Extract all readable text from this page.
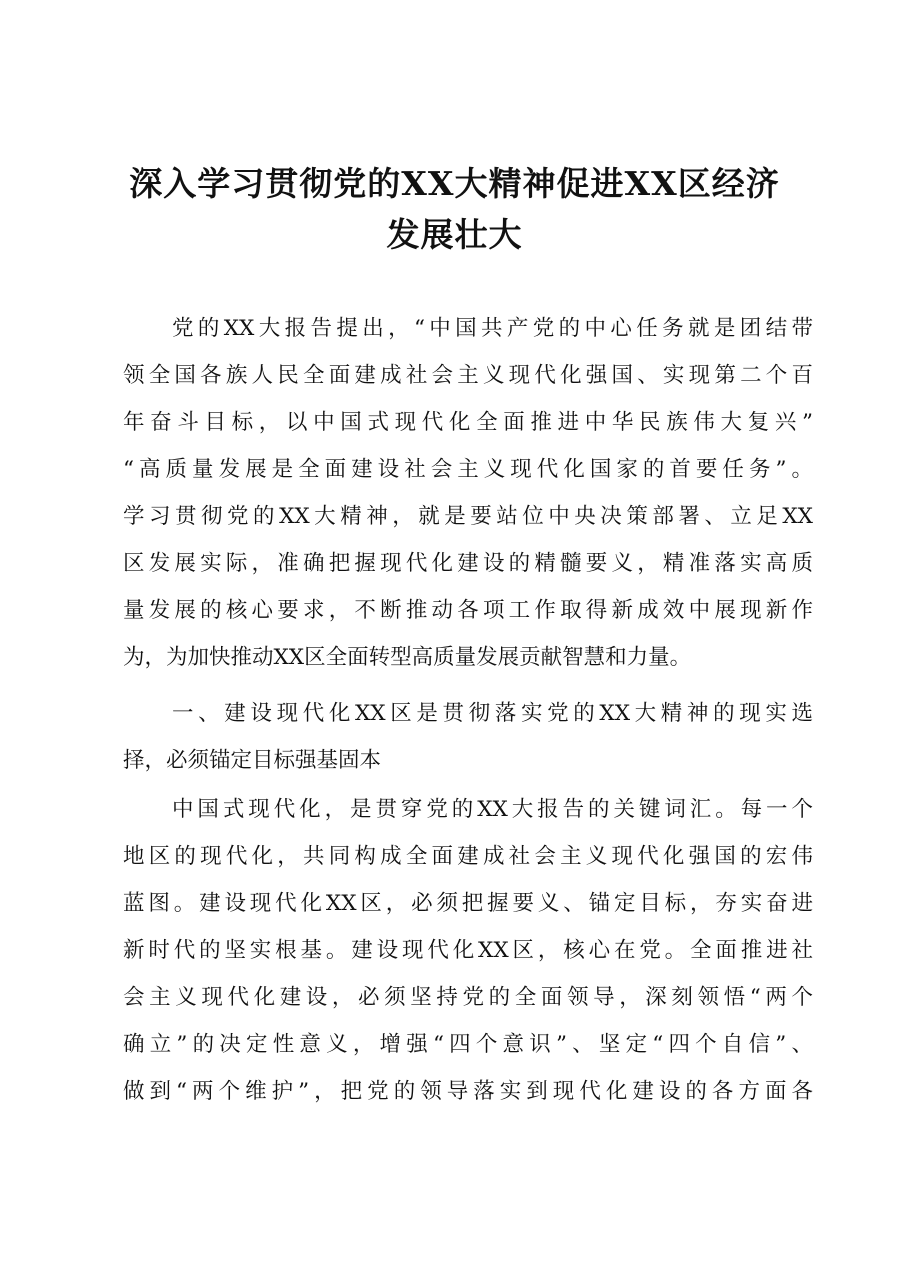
深入学习贯彻党的XX大精神促进XX区经济
发展壮大

党的XX大报告提出，“中国共产党的中心任务就是团结带

领全国各族人民全面建成社会主义现代化强国、实现第二个百

年奋斗目标，以中国式现代化全面推进中华民族伟大复兴”

“高质量发展是全面建设社会主义现代化国家的首要任务”。

学习贯彻党的XX大精神，就是要站位中央决策部署、立足XX

区发展实际，准确把握现代化建设的精髓要义，精准落实高质

量发展的核心要求，不断推动各项工作取得新成效中展现新作

为，为加快推动XX区全面转型高质量发展贡献智慧和力量。

一、建设现代化XX区是贯彻落实党的XX大精神的现实选

择，必须锚定目标强基固本

中国式现代化，是贯穿党的XX大报告的关键词汇。每一个

地区的现代化，共同构成全面建成社会主义现代化强国的宏伟

蓝图。建设现代化XX区，必须把握要义、锚定目标，夯实奋进

新时代的坚实根基。建设现代化XX区，核心在党。全面推进社

会主义现代化建设，必须坚持党的全面领导，深刻领悟“两个

确立”的决定性意义，增强“四个意识”、坚定“四个自信”、

做到“两个维护”，把党的领导落实到现代化建设的各方面各
